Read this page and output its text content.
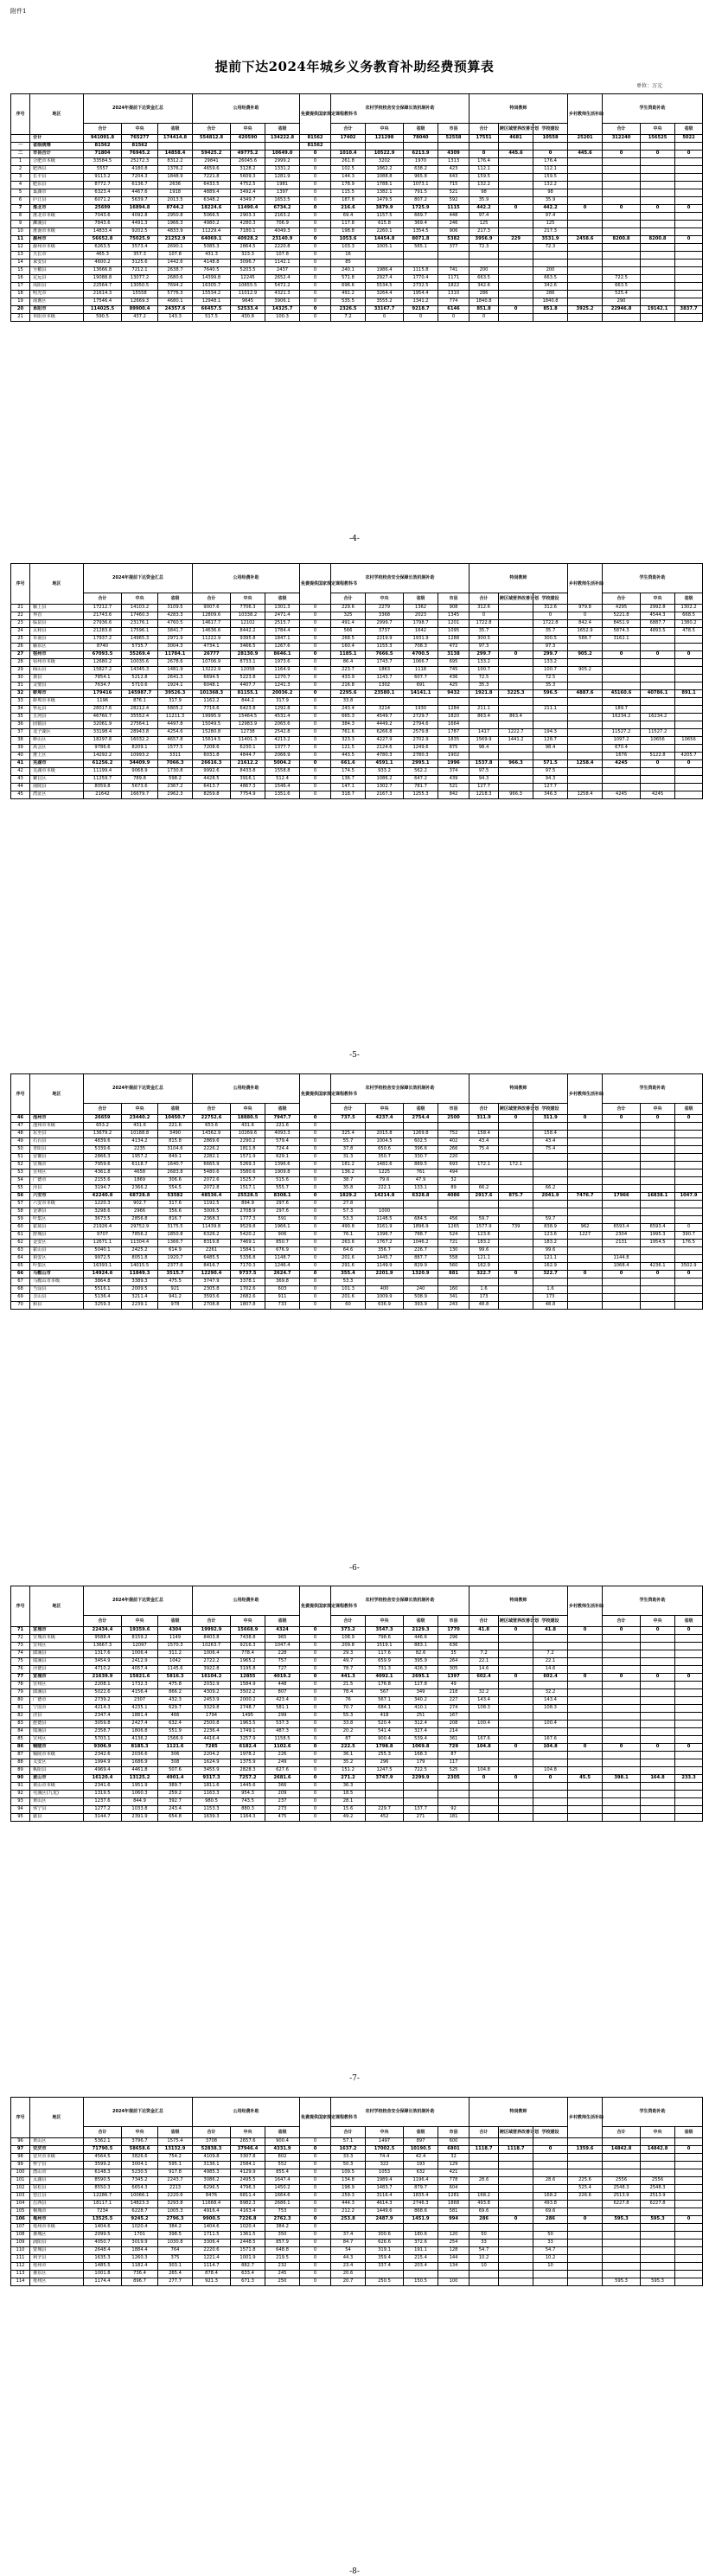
附件1
提前下达2024年城乡义务教育补助经费预算表
单位：万元
序号	地区	2024年提前下达资金汇总			公用经费补助			免费提供国家规定课程教科书	农村学校校舍安全保障长效机制补助				特岗教师			乡村教师生活补助	学生资助补助		
		合计	中央	省级	合计	中央	省级		合计	中央	省级	市县	合计	跨区域营养改善计划	学校建设		合计	中央	省级
	合计	941091.8	765277	174414.8	554812.8	420590	134222.8	81562	17402	121298	78040	52558	17551	4681	10558	25201	312240	156525	5022
一	省级统筹	81562	81562					81562											
二	市县合计	71804	76945.2	14858.4	59425.2	49775.2	10649.0	0	1010.4	10522.9	6213.9	4309	0	445.6	0	445.6	0	0	0
1	合肥市本级	33584.5	25272.3	8312.2	29841	26045.6	2999.2	0	261.8	3202	1970	1313	176.4		176.4				
2	肥西县	5557	4180.8	1376.2	4659.6	3128.2	1331.2	0	102.5	1862.2	638.2	423	112.1		112.1				
3	长丰县	9113.2	7204.3	1848.9	7221.8	5609.3	1281.9	0	144.3	1088.8	965.8	643	159.5		159.5				
4	肥东县	8772.7	6136.7	2636	6433.5	4752.5	1981	0	178.9	1788.1	1073.1	715	132.2		132.2				
5	巢湖市	6323.4	4467.6	1918	4889.4	3492.4	1397	0	115.5	1382.1	791.5	521	98		98				
6	庐江县	6071.2	5639.7	2013.5	6348.2	4349.7	1653.5	0	187.8	1479.5	807.2	592	35.9		35.9				
7	淮北市	25699	16894.8	8744.2	18224.6	11490.4	6734.2	0	216.6	3879.9	1725.9	1115	442.2	0	442.2	0	0	0	0
8	淮北市本级	7043.6	4092.8	2950.8	5066.5	2903.3	2163.2	0	69.4	1157.5	669.7	448	97.4		97.4				
9	濉溪县	7843.6	4491.3	1966.3	4980.2	4280.3	706.9	0	117.8	615.8	369.4	246	125		125				
10	淮南市本级	14833.4	9202.5	4833.9	11229.4	7180.1	4049.3	0	198.8	2260.1	1354.5	906	217.3		217.3				
11	滁州市	56652.8	75025.9	21252.9	64069.1	40928.2	23140.9	0	1053.6	14454.8	8071.8	5382	3956.9	229	3531.9	2458.6	8200.8	8200.8	0
12	滁州市本级	6263.5	3573.4	2690.1	5085.3	2864.5	2220.8	0	103.3	1005.1	565.1	377	72.3		72.3				
13	天长市	465.3	357.3	107.8	431.3	323.3	107.8	0	16										
14	来安县	4600.2	3125.6	1442.6	4148.8	3096.7	1142.1	0	85										
15	全椒县	13666.8	7212.1	2638.7	7640.5	5203.5	2437	0	240.1	1986.4	1115.8	741	200		200				
16	定远县	19088.8	13077.2	2680.6	14399.8	12245	2652.4	0	571.8	2927.4	1770.4	1171	663.5		663.5		722.5		
17	凤阳县	22564.7	13050.5	7694.2	16305.7	10655.5	5472.2	0	696.6	5534.5	2732.5	1822	342.6		342.6		663.5		
18	明光市	21614.3	15558	5776.3	15534.2	11012.9	4321.3	0	491.2	3264.4	1954.4	1310	286		286		525.4		
19	南谯区	17546.4	12669.3	4680.1	12948.1	9645	3906.1	0	535.5	3555.2	1341.2	774	1840.8		1840.8		290		
20	阜阳市	114025.5	89900.4	24357.6	66457.5	52533.4	14325.7	0	2326.5	33167.7	9218.7	6146	851.8	0	851.8	3925.2	22946.8	19142.1	3837.7
21	阜阳市本级	590.5	437.2	143.3	517.5	430.8	100.3	0	7.2	0	0	0	0						
-4-
序号	地区	2024年提前下达资金汇总			公用经费补助			免费提供国家规定课程教科书	农村学校校舍安全保障长效机制补助				特岗教师			乡村教师生活补助	学生资助补助		
		合计	中央	省级	合计	中央	省级		合计	中央	省级	市县	合计	跨区域营养改善计划	学校建设		合计	中央	省级
21	颍上县	17212.7	14103.2	3109.5	9007.6	7706.3	1301.3	0	229.6	2279	1362	908	312.6		312.6	979.8	4295	2992.8	1302.2
22	界首	21743.6	17460.3	4283.3	12809.6	10338.2	2471.4	0	325	3368	2023	1345	0		0	0	5221.8	4544.3	668.5
23	临泉县	27936.6	23176.1	4760.5	14617.7	12102	2515.7	0	491.4	2999.7	1798.7	1201	1722.8		1722.8	842.4	8451.9	6887.7	1380.2
24	太和县	21283.8	17596.1	3841.7	14636.6	8442.2	1784.4	0	566	3737	1642	1095	35.7		35.7	1652.9	5874.3	4893.5	478.5
25	阜南县	17937.2	14965.3	2971.9	11222.9	9395.8	1847.1	0	268.5	2219.9	1931.9	1288	300.5		300.5	588.7	3162.1		
26	颍东区	8740	5735.7	3004.3	4734.1	3466.5	1267.6	0	160.4	1155.3	708.3	472	97.3		97.3				
27	宿州市	67093.5	35269.4	11784.1	26777	28130.9	8646.1	0	1185.1	7666.5	4700.5	3138	299.7	0	299.7	905.2	0	0	0
28	宿州市本级	12680.2	10035.6	2678.6	10706.9	8733.1	1973.6	0	86.4	1743.7	1066.7	695	133.2		133.2				
29	砀山县	15827.2	14345.3	1481.9	13222.9	12058	1164.9	0	223.7	1863	1118	745	100.7		100.7	905.2			
30	萧县	7854.1	5212.8	2641.3	6694.5	5223.8	1270.7	0	433.9	1143.7	607.7	436	72.5		72.5				
31	灵璧县	7634.7	5710.6	1924.1	6048.1	4407.7	1241.3	0	216.8	1302	691	425	35.3		35.3				
32	蚌埠市	179416	145987.7	39526.3	101368.3	81155.1	20036.2	0	2295.6	23580.1	14141.1	9432	1921.8	3225.3	596.5	4887.6	45160.6	40786.1	891.1
33	蚌埠市本级	1196	876.1	317.9	1162.2	844.2	317.9	0	33.8										
34	怀远县	28017.6	28212.4	5805.2	7716.6	6423.8	1292.8	0	243.4	3214	1930	1284	211.1		211.1		189.7		
35	五河县	46760.7	35552.4	11211.3	19995.9	15464.5	4531.4	0	665.3	4549.7	2729.7	1820	863.4	863.4			16234.2	16234.2	
36	固镇县	32061.9	27564.1	4497.8	15049.5	12983.9	2065.6	0	384.3	4449.2	2794.6	1664							
37	龙子湖区	33198.4	28943.8	4254.6	15280.8	12738	2542.8	0	761.6	6266.8	2579.8	1787	1417	1222.7	194.3		11527.2	11527.2	
38	蚌山区	18297.8	16032.2	4657.8	15614.5	11401.3	4213.2	0	323.3	4227.9	2702.9	1835	1569.9	1441.2	128.7		1097.2	10656	10656
39	禹会区	9786.6	8209.1	1577.5	7208.6	6230.1	1377.7	0	121.5	2124.6	1249.6	875	98.4		98.4		670.4		
40	淮上区	14292.2	10993.2	3311	6031.8	4844.7	2066.9	0	443.5	4780.3	2780.3	1902					1676	5122.8	4205.7
41	芜湖市	61256.2	34409.9	7066.3	26616.3	21612.2	5004.2	0	661.6	4591.1	2995.1	1996	1537.8	966.3	571.5	1258.4	4245	0	0
42	芜湖市本级	11199.4	9068.9	1730.8	9992.6	8433.8	1558.8	0	174.5	933.2	562.2	374	97.5		97.5				
43	繁昌区	11259.7	789.8	598.2	4428.5	3916.1	512.4	0	136.7	1086.2	647.2	439	94.3		94.3				
44	南陵县	8059.8	5673.6	2367.2	6413.7	4867.3	1546.4	0	147.1	1302.7	781.7	521	127.7		127.7				
45	湾沚区	21642	16679.7	2962.3	8259.8	7754.9	1351.6	0	318.7	2167.3	1255.3	842	1218.3	966.3	346.3	1258.4	4245	4245	
-5-
序号	地区	2024年提前下达资金汇总			公用经费补助			免费提供国家规定课程教科书	农村学校校舍安全保障长效机制补助				特岗教师			乡村教师生活补助	学生资助补助		
		合计	中央	省级	合计	中央	省级		合计	中央	省级	市县	合计	跨区域营养改善计划	学校建设		合计	中央	省级
46	池州市	26659	23440.2	10450.7	22752.6	18880.5	7947.7	0	737.5	4237.4	2754.4	2500	311.9	0	311.9	0	0	0	0
47	池州市本级	653.2	431.6	221.6	653.6	431.6	221.6	0											
48	东至县	13679.2	10188.8	3490	14362.9	10269.6	4093.3	0	325.4	2015.8	1269.8	752	158.4		158.4				
49	石台县	4839.6	4134.2	815.8	2869.6	2290.2	579.4	0	55.7	1004.5	602.5	402	43.4		43.4				
50	青阳县	5339.6	2235	3104.6	2226.2	1811.8	724.4	0	37.8	650.6	396.6	266	75.4		75.4				
51	安徽县	2866.3	1957.2	849.1	2282.1	1571.9	629.1	0	31.3	350.7	330.7	220							
52	宣城市	7959.6	6118.7	1640.7	6665.9	5269.3	1396.6	0	181.2	1482.6	889.5	693	172.1	172.1					
53	宣州区	4361.8	4658	2683.8	5480.6	3580.6	1909.8	0	136.2	1225	761	494							
54	广德市	2155.6	1869	306.6	2072.6	1525.7	515.6	0	38.7	79.6	47.9	32							
55	泾县	3194.7	2366.2	554.5	2072.8	1517.1	555.7	0	35.8	222.1	133.1	89	66.2		66.2				
56	六安市	42240.8	68728.8	53582	48536.4	25528.5	8308.1	0	1829.2	14214.8	6328.8	4086	2917.6	875.7	2041.9	7476.7	17966	16838.1	1047.9
57	六安市本级	1220.3	902.7	317.6	1192.5	894.9	297.6	0	27.8										
58	金寨县	3298.6	2966	356.6	3006.5	2708.9	297.6	0	57.3	1000									
59	叶集区	3673.5	2856.8	816.7	2368.3	1777.3	591	0	53.3	1148.5	684.5	456	59.7		59.7				
60	霍邱县	21926.4	29752.9	3175.5	11439.8	9529.8	1966.1	0	490.8	3161.9	1896.9	1265	1577.9	739	838.9	962	6593.4	6593.4	0
61	舒城县	9707	7856.2	1850.8	6326.2	5420.2	906	0	76.1	1396.7	788.7	524	123.6		123.6	1227	2304	1995.3	390.7
62	金安区	12671.1	11304.4	1366.7	8319.8	7469.1	850.7	0	263.6	1767.2	1046.2	721	183.2		183.2		2131	1954.5	176.5
63	霍山县	5040.1	2425.2	614.9	2261	1584.1	676.9	0	64.6	356.7	226.7	130	99.6		99.6				
64	裕安区	9972.5	8051.8	1920.7	6485.5	5336.8	1148.7	0	201.6	1445.7	887.7	558	121.1		121.1		1144.8		
65	叶集区	16393.1	14015.5	2377.6	8416.7	7170.3	1246.4	0	291.6	1149.9	829.9	560	162.9		162.9		1068.4	4236.1	3502.9
66	马鞍山市	14924.6	11849.3	3515.7	12290.4	9737.5	2624.7	0	355.4	2201.9	1320.9	881	322.7	0	322.7	0	0	0	0
67	马鞍山市本级	3864.8	3389.3	475.5	3747.9	3378.1	369.8	0	53.3										
68	当涂县	5516.1	2009.5	921	2305.8	1702.6	603	0	101.3	400	240	160	1.6		1.6				
69	含山县	5136.4	3211.4	941.2	3593.6	2682.6	911	0	201.6	1009.9	508.9	341	173		173				
70	和县	3259.3	2239.1	978	2708.8	1807.8	733	0	60	636.9	393.9	243	48.8		48.8				
-6-
序号	地区	2024年提前下达资金汇总			公用经费补助			免费提供国家规定课程教科书	农村学校校舍安全保障长效机制补助				特岗教师			乡村教师生活补助	学生资助补助		
		合计	中央	省级	合计	中央	省级		合计	中央	省级	市县	合计	跨区域营养改善计划	学校建设		合计	中央	省级
71	宣城市	22434.4	19359.6	4304	19992.9	15668.9	4324	0	373.2	3547.3	2129.3	1770	41.8	0	41.8	0	0	0	0
72	宣城市本级	9588.4	8159.2	1149	8403.8	7438.8	965	0	108.9	798.6	446.6	296							
73	宣州区	13667.3	12097	1570.3	10263.7	9216.3	1047.4	0	209.8	1519.1	883.1	636							
74	郎溪县	1317.6	1006.4	311.2	1006.4	778.4	228	0	29.3	117.6	82.6	35	7.2		7.2				
75	绩溪县	3454.9	2412.9	1042	2722.2	1965.2	757	0	49.7	659.9	395.9	264	22.1		22.1				
76	泾德县	4710.2	4057.4	1145.6	3922.8	3195.8	727	0	78.7	731.3	426.3	305	14.6		14.6				
77	宣城市	21639.9	15821.6	5816.3	16104.2	12855	4019.2	0	441.3	4092.1	2695.1	1397	602.4	0	602.4	0	0	0	0
78	宣州区	2208.1	1732.3	475.8	2032.9	1584.9	448	0	21.5	176.8	127.8	49							
79	郎溪县	5022.6	4156.4	866.2	4309.2	3502.2	807	0	78.4	567	349	218	32.2		32.2				
80	广德市	2739.2	2307	432.3	2453.9	2000.2	423.4	0	76	567.1	340.2	227	143.4		143.4				
81	宁国市	4214.3	4235.1	629.7	3329.8	2748.7	581.1	0	70.7	684.1	410.1	274	108.3		108.3				
82	泾县	2347.4	1881.4	466	1794	1495	299	0	55.3	418	251	167							
83	旌德县	3059.8	2427.4	632.4	2500.8	1963.5	537.3	0	33.8	520.4	312.4	208	100.4		100.4				
84	绩溪县	2358.7	1806.8	551.9	2236.4	1749.1	487.3	0	20.2	541.4	327.4	214							
85	宣州区	5703.1	4136.2	1566.9	4416.4	3257.9	1158.5	0	87	900.4	539.4	361	167.6		167.6				
86	铜陵市	9306.9	8185.3	1121.6	7285	6182.4	1102.6	0	222.5	1798.8	1069.8	729	104.8	0	104.8	0	0	0	0
87	铜陵市本级	2342.6	2036.6	306	2204.2	1978.2	226	0	36.1	255.3	168.3	87							
88	义安区	1994.9	1686.9	308	1624.9	1375.9	249	0	35.2	296	179	117							
89	枞阳县	4969.4	4461.8	507.6	3455.9	2828.3	627.6	0	151.2	1247.5	722.5	525	104.8		104.8				
90	黄山市	16120.4	13125.2	4901.4	9317.3	7257.2	2681.6	0	271.2	3747.9	2299.9	2305	0	0	0	45.5	398.1	164.8	233.3
91	黄山市本级	2341.6	1951.9	389.7	1811.6	1445.6	366	0	36.3										
92	屯溪区(九龙)	1319.5	1060.3	259.2	1163.3	954.3	209	0	18.5										
93	黄山区	1237.6	844.9	392.7	980.5	743.5	237	0	28.1										
94	休宁县	1277.2	1033.8	243.4	1153.3	880.3	273	0	15.6	229.7	137.7	92							
95	歙县	3144.7	2391.9	654.8	1639.3	1164.3	475	0	49.2	452	271	181							
-7-
序号	地区	2024年提前下达资金汇总			公用经费补助			免费提供国家规定课程教科书	农村学校校舍安全保障长效机制补助				特岗教师			乡村教师生活补助	学生资助补助		
		合计	中央	省级	合计	中央	省级		合计	中央	省级	市县	合计	跨区域营养改善计划	学校建设		合计	中央	省级
96	黄山区	5362.1	3796.7	1575.4	3708	2657.6	900.4	0	57.1	1497	897	600							
97	安庆市	71790.5	58658.6	13132.9	52838.3	37946.4	4331.9	0	1637.2	17002.5	10190.5	6801	1118.7	1118.7	0	1359.6	14842.8	14842.8	0
98	安庆市本级	4564.5	3826.6	754.2	4109.8	3307.8	802	0	33.3	74.4	42.4	32							
99	怀宁县	3599.2	3004.1	595.1	3136.1	2584.1	552	0	50.3	322	193	129							
100	潜山市	6148.3	5230.5	917.8	4985.3	4129.9	855.4	0	109.5	1053	632	421							
101	太湖县	8590.5	7345.2	2243.7	3086.2	2495.5	1647.4	0	134.8	1989.4	1196.4	778	28.6		28.6	225.6	2556	2556	
102	宿松县	8550.3	6654.3	2213	6296.5	4796.3	1450.2	0	198.9	1483.7	879.7	604				525.4	2548.3	2548.3	
103	望江县	12286.7	10066.1	2220.6	8476	6811.4	1664.6	0	259.3	3116.4	1835.4	1281	168.2		168.2	226.6	2513.9	2513.9	
104	岳西县	18117.1	14823.3	3293.8	11668.4	8982.3	2686.1	0	444.3	4614.3	2746.3	1868	493.8		493.8		6227.8	6227.8	
105	桐城市	7234	6228.7	1005.3	4916.4	4163.4	753	0	212.2	1449.6	868.6	581	69.6		69.6				
106	亳州市	13525.5	9245.2	2796.3	9900.5	7226.8	2762.3	0	253.8	2487.9	1451.9	994	286	0	286	0	595.3	595.3	0
107	亳州市本级	1404.6	1020.4	384.2	1404.6	1020.4	384.2	0											
108	谯城区	2099.5	1701	398.5	1711.5	1361.5	350	0	37.4	300.6	180.6	120	50		50				
109	涡阳县	4050.7	3019.9	1030.8	3306.4	2448.5	857.9	0	84.7	626.6	372.6	254	33		33				
110	蒙城县	2648.4	1884.4	764	2220.6	1571.8	648.8	0	54	319.1	191.1	128	54.7		54.7				
111	利辛县	1635.3	1260.3	375	1221.4	1001.9	219.5	0	44.3	359.4	215.4	144	10.2		10.2				
112	亳州市	1485.5	1182.4	303.1	1114.7	882.7	232	0	23.4	337.4	203.4	134	10		10				
113	谯东区	1001.8	736.4	265.4	878.4	633.4	245	0	20.6										
114	亳州区	1174.4	896.7	277.7	921.3	671.3	250	0	20.7	250.5	150.5	100					595.3	595.3	
-8-
